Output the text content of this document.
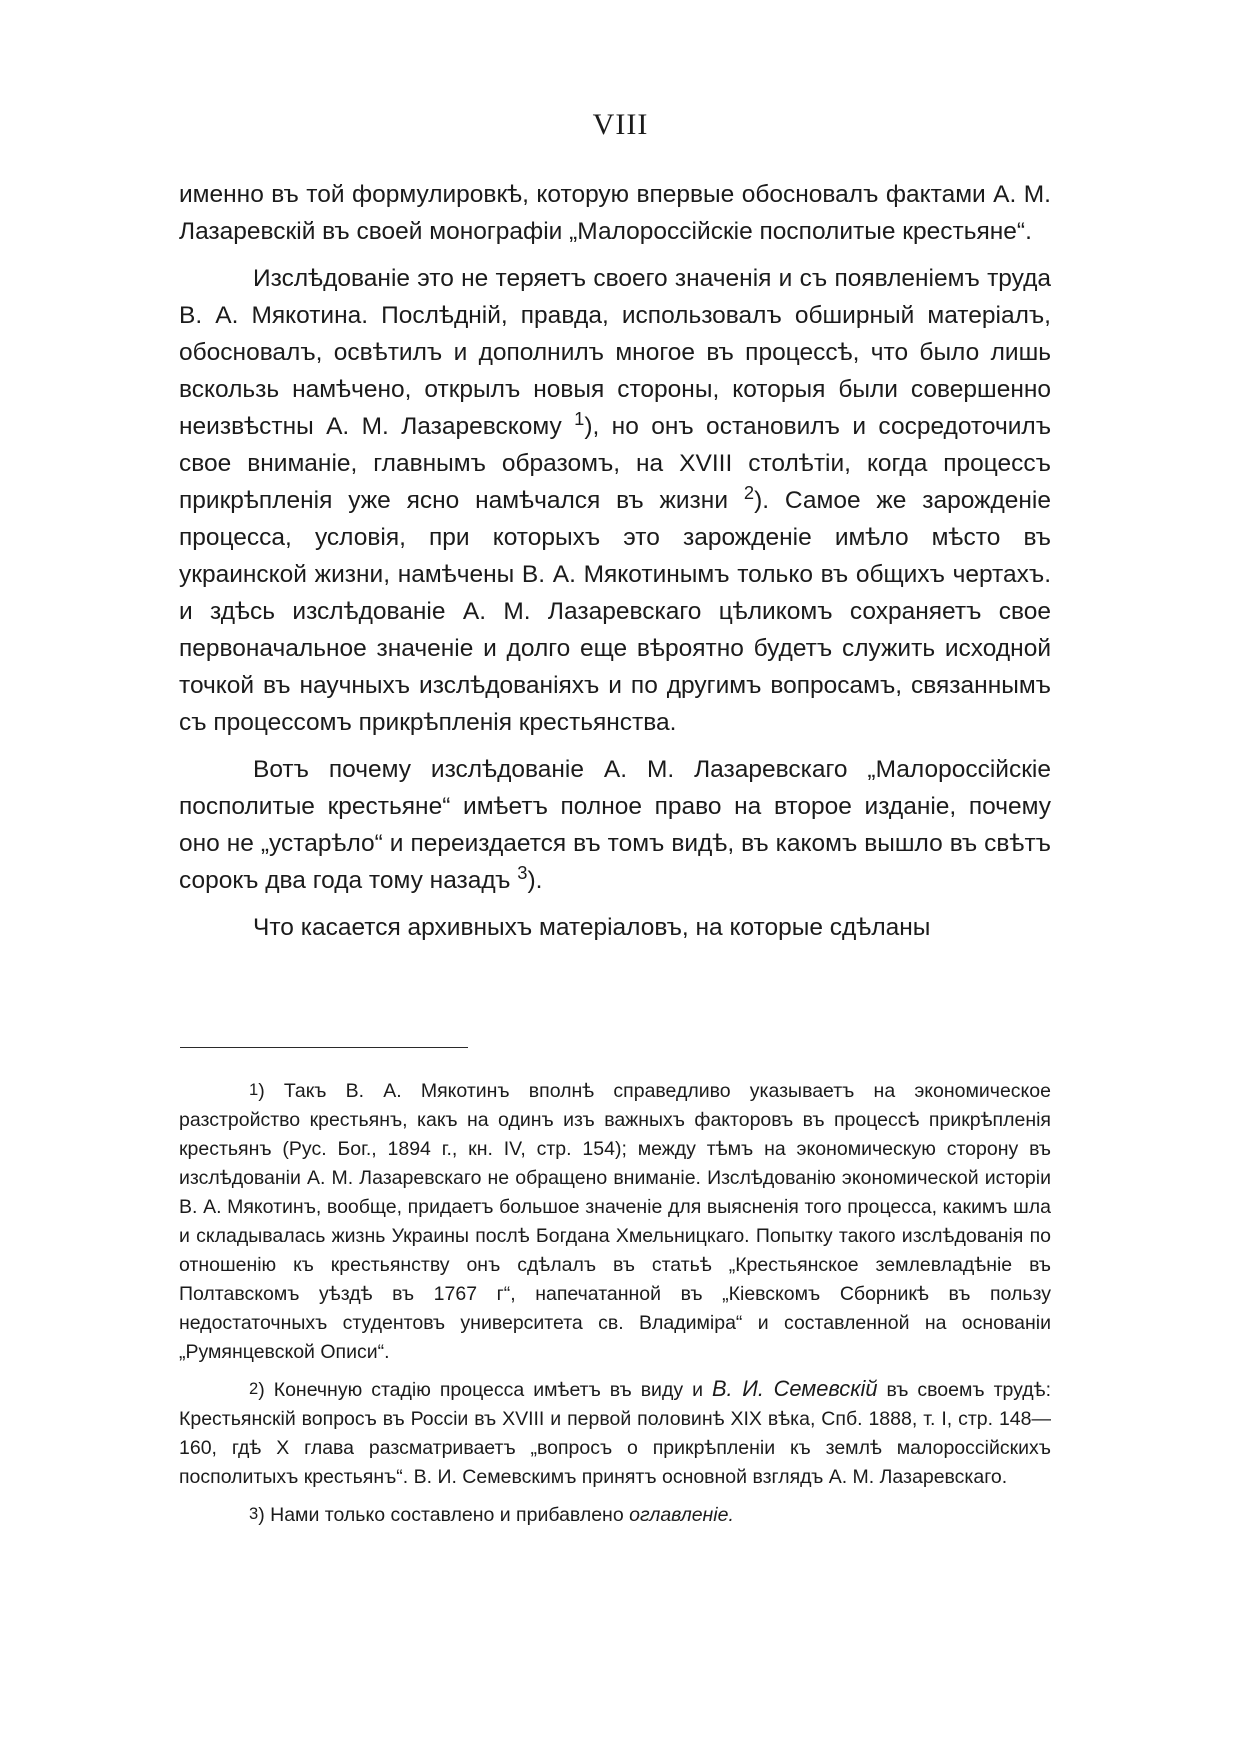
VIII

именно въ той формулировкѣ, которую впервые обосновалъ фактами А. М. Лазаревскій въ своей монографіи „Малороссійскіе посполитые крестьяне“.

Изслѣдованіе это не теряетъ своего значенія и съ появленіемъ труда В. А. Мякотина. Послѣдній, правда, использовалъ обширный матеріалъ, обосновалъ, освѣтилъ и дополнилъ многое въ процессѣ, что было лишь вскользь намѣчено, открылъ новыя стороны, которыя были совершенно неизвѣстны А. М. Лазаревскому $^1$), но онъ остановилъ и сосредоточилъ свое вниманіе, главнымъ образомъ, на XVIII столѣтіи, когда процессъ прикрѣпленія уже ясно намѣчался въ жизни $^2$). Самое же зарожденіе процесса, условія, при которыхъ это зарожденіе имѣло мѣсто въ украинской жизни, намѣчены В. А. Мякотинымъ только въ общихъ чертахъ. и здѣсь изслѣдованіе А. М. Лазаревскаго цѣликомъ сохраняетъ свое первоначальное значеніе и долго еще вѣроятно будетъ служить исходной точкой въ научныхъ изслѣдованіяхъ и по другимъ вопросамъ, связаннымъ съ процессомъ прикрѣпленія крестьянства.

Вотъ почему изслѣдованіе А. М. Лазаревскаго „Малороссійскіе посполитые крестьяне“ имѣетъ полное право на второе изданіе, почему оно не „устарѣло“ и переиздается въ томъ видѣ, въ какомъ вышло въ свѣтъ сорокъ два года тому назадъ $^3$).

Что касается архивныхъ матеріаловъ, на которые сдѣланы

1) Такъ В. А. Мякотинъ вполнѣ справедливо указываетъ на экономическое разстройство крестьянъ, какъ на одинъ изъ важныхъ факторовъ въ процессѣ прикрѣпленія крестьянъ (Рус. Бог., 1894 г., кн. IV, стр. 154); между тѣмъ на экономическую сторону въ изслѣдованіи А. М. Лазаревскаго не обращено вниманіе. Изслѣдованію экономической исторіи В. А. Мякотинъ, вообще, придаетъ большое значеніе для выясненія того процесса, какимъ шла и складывалась жизнь Украины послѣ Богдана Хмельницкаго. Попытку такого изслѣдованія по отношенію къ крестьянству онъ сдѣлалъ въ статьѣ „Крестьянское землевладѣніе въ Полтавскомъ уѣздѣ въ 1767 г“, напечатанной въ „Кіевскомъ Сборникѣ въ пользу недостаточныхъ студентовъ университета св. Владиміра“ и составленной на основаніи „Румянцевской Описи“.

2) Конечную стадію процесса имѣетъ въ виду и В. И. Семевскій въ своемъ трудѣ: Крестьянскій вопросъ въ Россіи въ XVIII и первой половинѣ XIX вѣка, Спб. 1888, т. I, стр. 148—160, гдѣ X глава разсматриваетъ „вопросъ о прикрѣпленіи къ землѣ малороссійскихъ посполитыхъ крестьянъ“. В. И. Семевскимъ принятъ основной взглядъ А. М. Лазаревскаго.

3) Нами только составлено и прибавлено оглавленіе.
